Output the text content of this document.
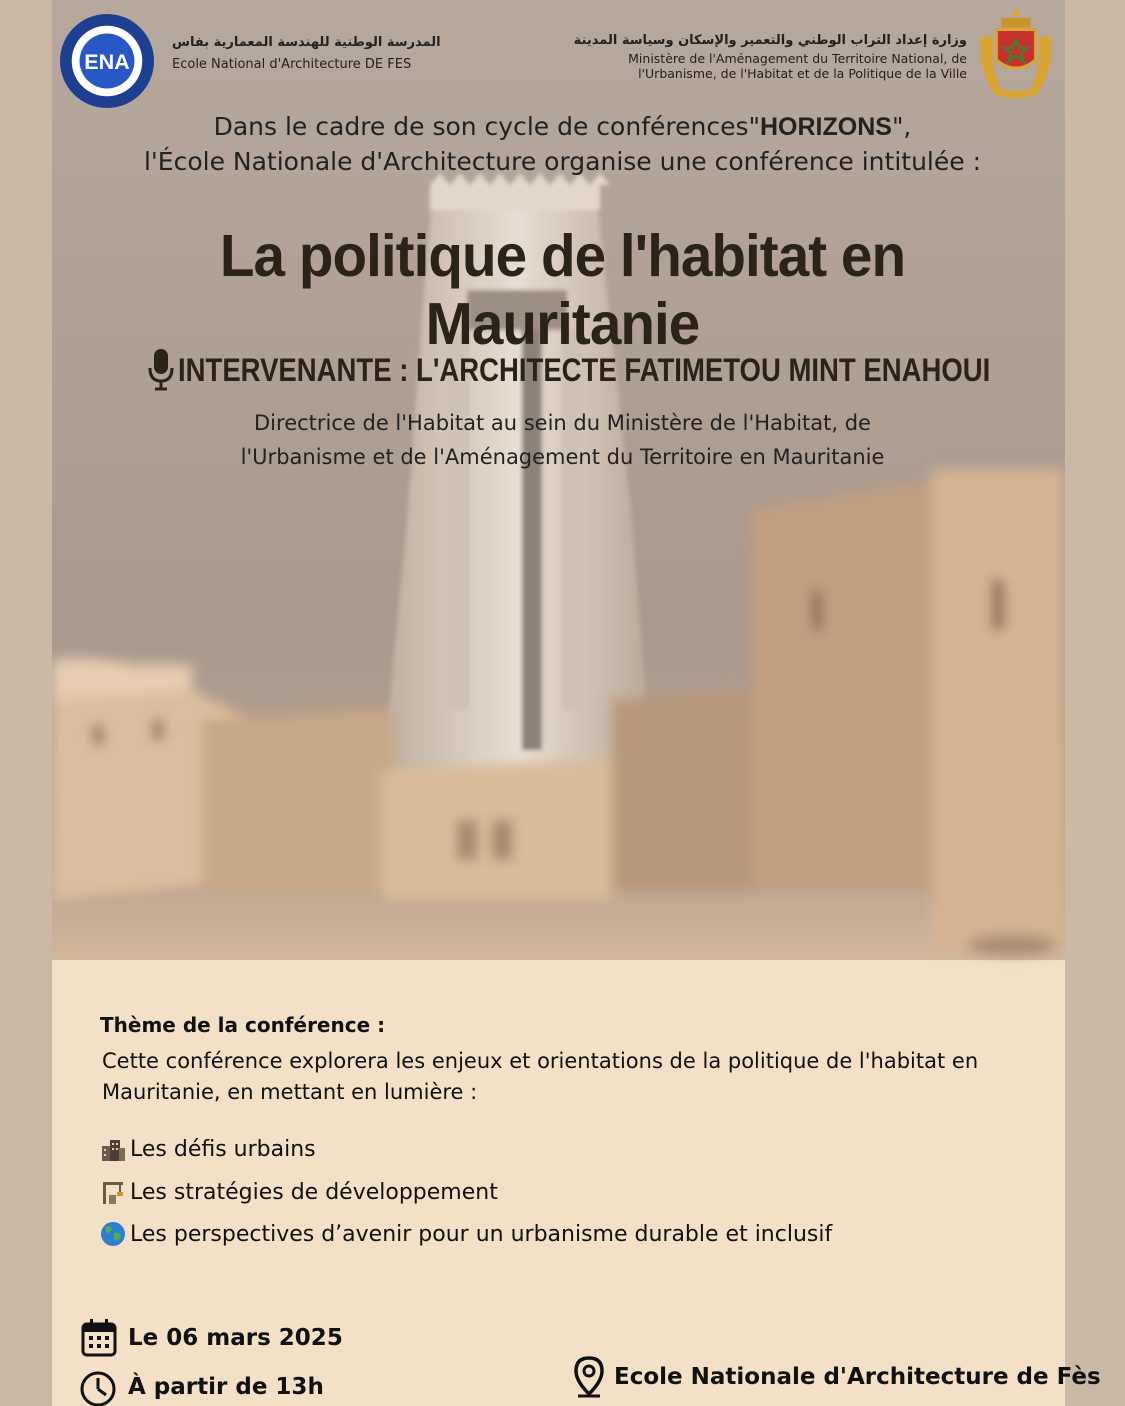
ENA
المدرسة الوطنية للهندسة المعمارية بفاس
Ecole National d'Architecture DE FES
وزارة إعداد التراب الوطني والتعمير والإسكان وسياسة المدينة
Ministère de l'Aménagement du Territoire National, de l'Urbanisme, de l'Habitat et de la Politique de la Ville
Dans le cadre de son cycle de conférences"HORIZONS",
l'École Nationale d'Architecture organise une conférence intitulée :
La politique de l'habitat en Mauritanie
INTERVENANTE : L'ARCHITECTE FATIMETOU MINT ENAHOUI
Directrice de l'Habitat au sein du Ministère de l'Habitat, de
l'Urbanisme et de l'Aménagement du Territoire en Mauritanie
Thème de la conférence :
Cette conférence explorera les enjeux et orientations de la politique de l'habitat en Mauritanie, en mettant en lumière :
Les défis urbains
Les stratégies de développement
Les perspectives d’avenir pour un urbanisme durable et inclusif
Le 06 mars 2025
À partir de 13h	Ecole Nationale d'Architecture de Fès
